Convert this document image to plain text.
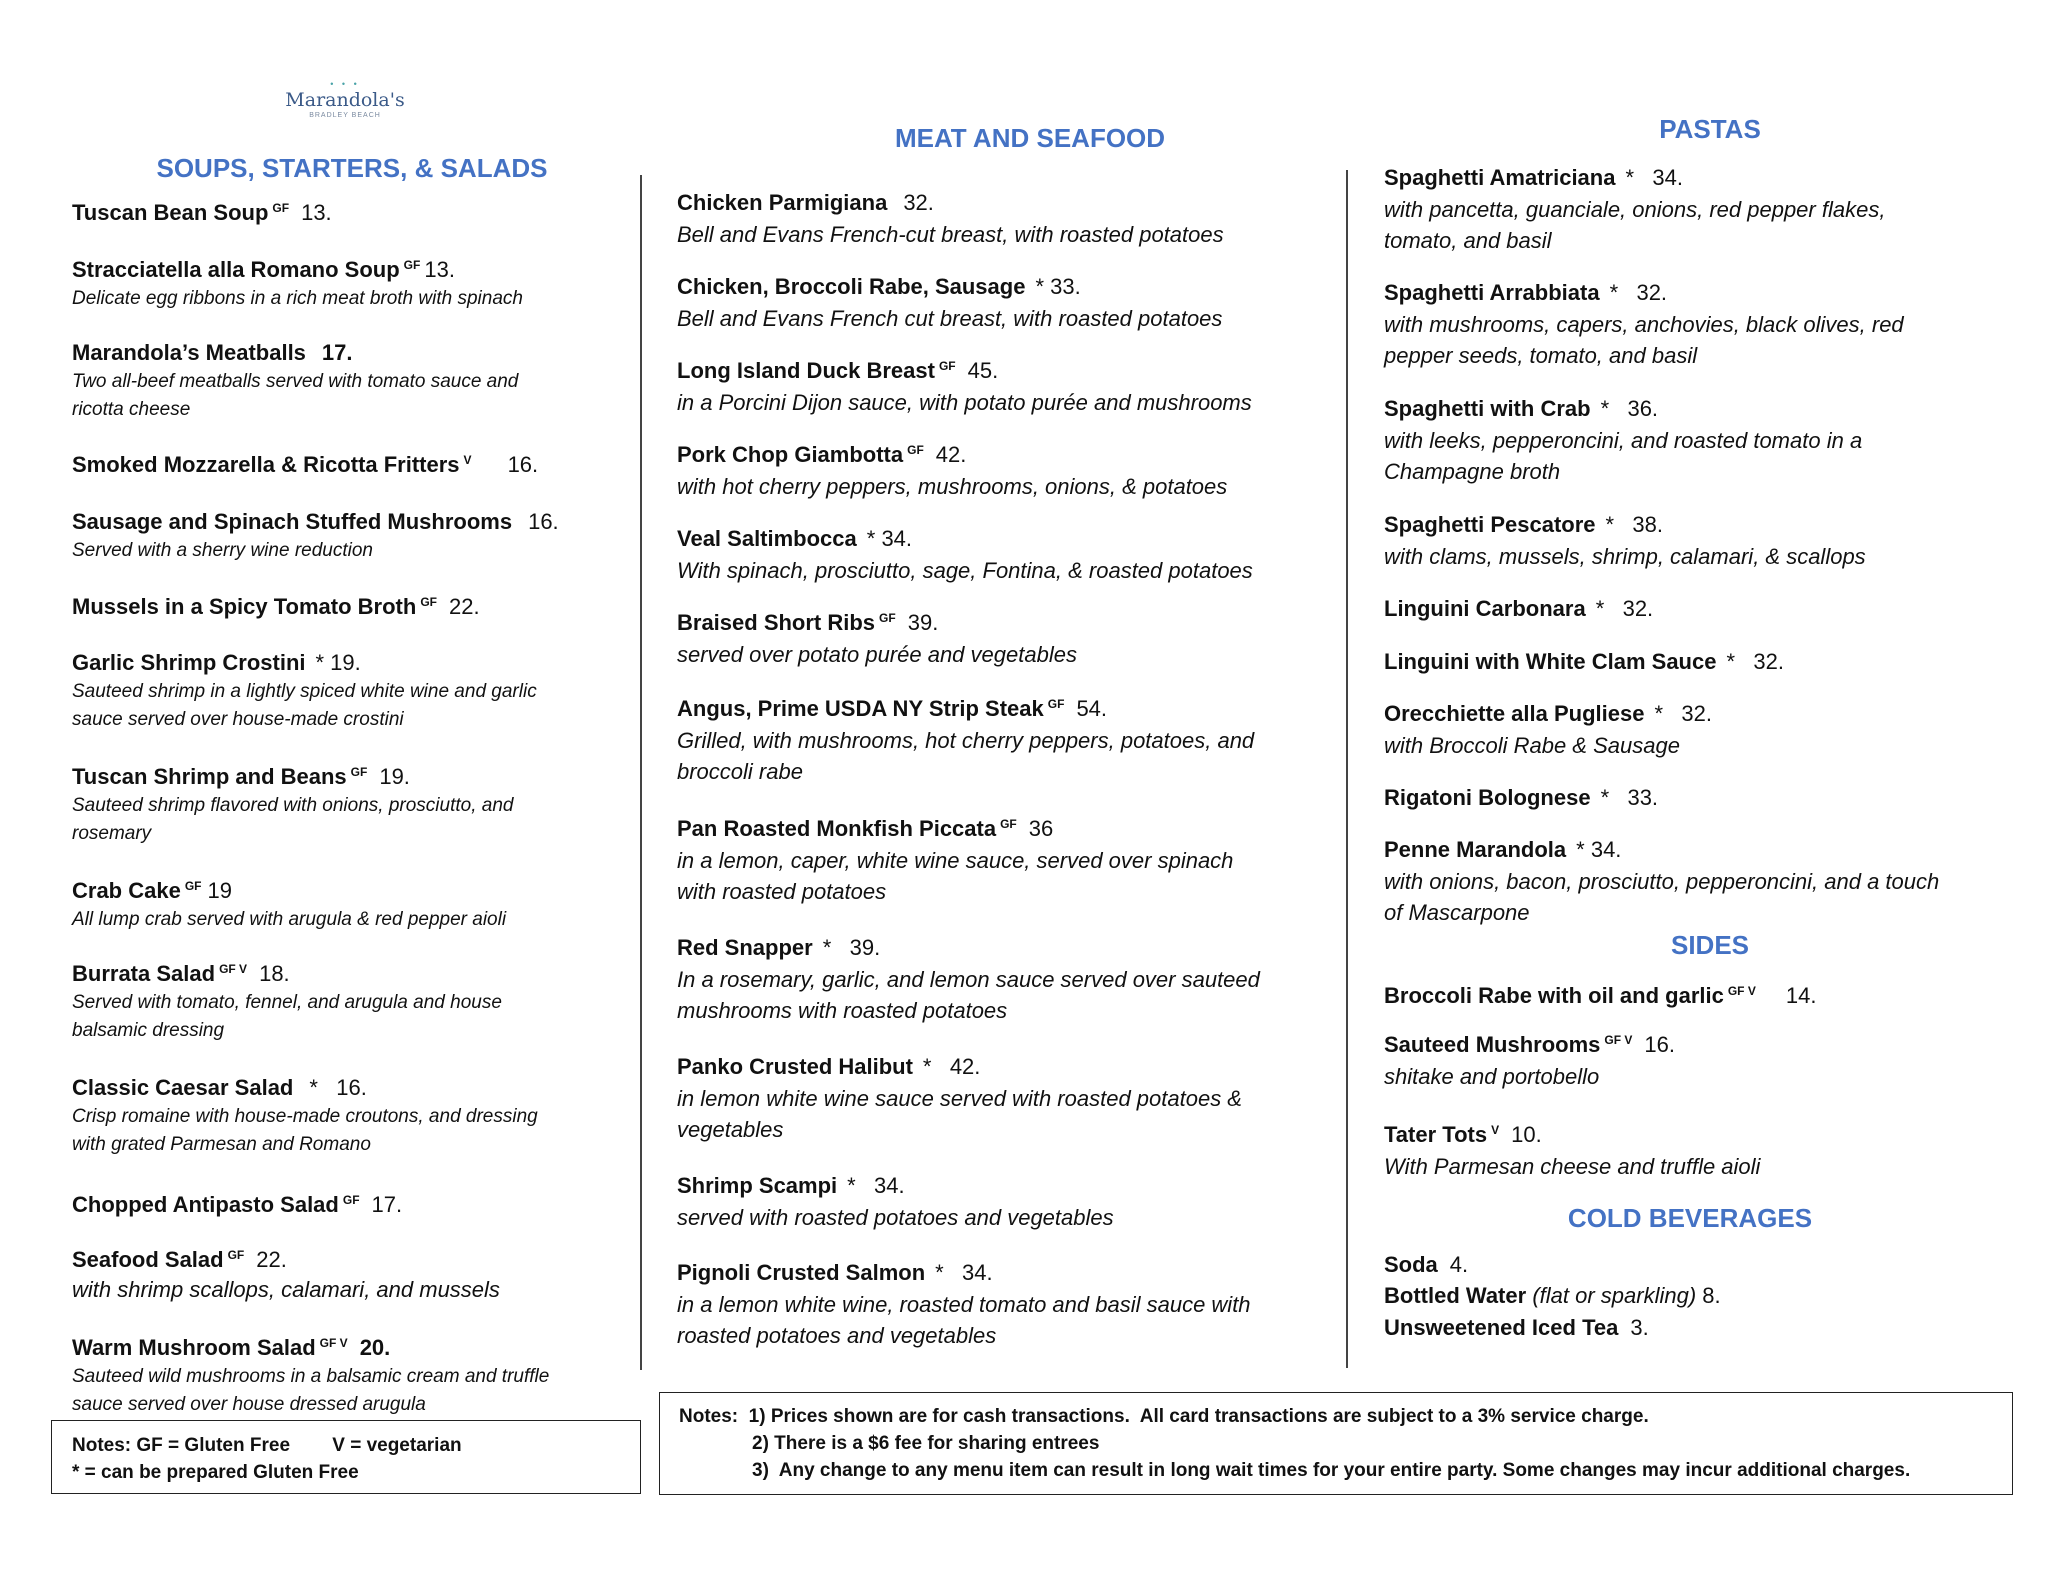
• • •
Marandola's
BRADLEY BEACH
SOUPS, STARTERS, & SALADS
MEAT AND SEAFOOD	PASTAS
SIDES
COLD BEVERAGES
Tuscan Bean Soup $^{GF}$ 13.
Stracciatella alla Romano Soup $^{GF}$ 13.
Delicate egg ribbons in a rich meat broth with spinach
Marandola’s Meatballs 17.
Two all-beef meatballs served with tomato sauce and
ricotta cheese
Smoked Mozzarella & Ricotta Fritters $^V$ 16.
Sausage and Spinach Stuffed Mushrooms 16.
Served with a sherry wine reduction
Mussels in a Spicy Tomato Broth $^{GF}$ 22.
Garlic Shrimp Crostini * 19.
Sauteed shrimp in a lightly spiced white wine and garlic
sauce served over house-made crostini
Tuscan Shrimp and Beans $^{GF}$ 19.
Sauteed shrimp flavored with onions, prosciutto, and
rosemary
Crab Cake $^{GF}$ 19
All lump crab served with arugula & red pepper aioli
Burrata Salad $^{GF V}$ 18.
Served with tomato, fennel, and arugula and house
balsamic dressing
Classic Caesar Salad *   16.
Crisp romaine with house-made croutons, and dressing
with grated Parmesan and Romano
Chopped Antipasto Salad $^{GF}$ 17.
Seafood Salad $^{GF}$ 22.
with shrimp scallops, calamari, and mussels
Warm Mushroom Salad $^{GF V}$ 20.
Sauteed wild mushrooms in a balsamic cream and truffle
sauce served over house dressed arugula
Chicken Parmigiana 32.
Bell and Evans French-cut breast, with roasted potatoes
Chicken, Broccoli Rabe, Sausage * 33.
Bell and Evans French cut breast, with roasted potatoes
Long Island Duck Breast $^{GF}$ 45.
in a Porcini Dijon sauce, with potato purée and mushrooms
Pork Chop Giambotta $^{GF}$ 42.
with hot cherry peppers, mushrooms, onions, & potatoes
Veal Saltimbocca * 34.
With spinach, prosciutto, sage, Fontina, & roasted potatoes
Braised Short Ribs $^{GF}$ 39.
served over potato purée and vegetables
Angus, Prime USDA NY Strip Steak $^{GF}$ 54.
Grilled, with mushrooms, hot cherry peppers, potatoes, and
broccoli rabe
Pan Roasted Monkfish Piccata $^{GF}$ 36
in a lemon, caper, white wine sauce, served over spinach
with roasted potatoes
Red Snapper *   39.
In a rosemary, garlic, and lemon sauce served over sauteed
mushrooms with roasted potatoes
Panko Crusted Halibut *   42.
in lemon white wine sauce served with roasted potatoes &
vegetables
Shrimp Scampi *   34.
served with roasted potatoes and vegetables
Pignoli Crusted Salmon *   34.
in a lemon white wine, roasted tomato and basil sauce with
roasted potatoes and vegetables
Spaghetti Amatriciana *   34.
with pancetta, guanciale, onions, red pepper flakes,
tomato, and basil
Spaghetti Arrabbiata *   32.
with mushrooms, capers, anchovies, black olives, red
pepper seeds, tomato, and basil
Spaghetti with Crab *   36.
with leeks, pepperoncini, and roasted tomato in a
Champagne broth
Spaghetti Pescatore *   38.
with clams, mussels, shrimp, calamari, & scallops
Linguini Carbonara *   32.
Linguini with White Clam Sauce *   32.
Orecchiette alla Pugliese *   32.
with Broccoli Rabe & Sausage
Rigatoni Bolognese *   33.
Penne Marandola * 34.
with onions, bacon, prosciutto, pepperoncini, and a touch
of Mascarpone
Broccoli Rabe with oil and garlic $^{GF V}$ 14.
Sauteed Mushrooms $^{GF V}$ 16.
shitake and portobello
Tater Tots $^V$ 10.
With Parmesan cheese and truffle aioli
Soda 4.
Bottled Water (flat or sparkling) 8.
Unsweetened Iced Tea 3.
Notes: GF = Gluten Free        V = vegetarian
* = can be prepared Gluten Free
Notes:  1) Prices shown are for cash transactions.  All card transactions are subject to a 3% service charge.
2) There is a $6 fee for sharing entrees
3)  Any change to any menu item can result in long wait times for your entire party. Some changes may incur additional charges.
